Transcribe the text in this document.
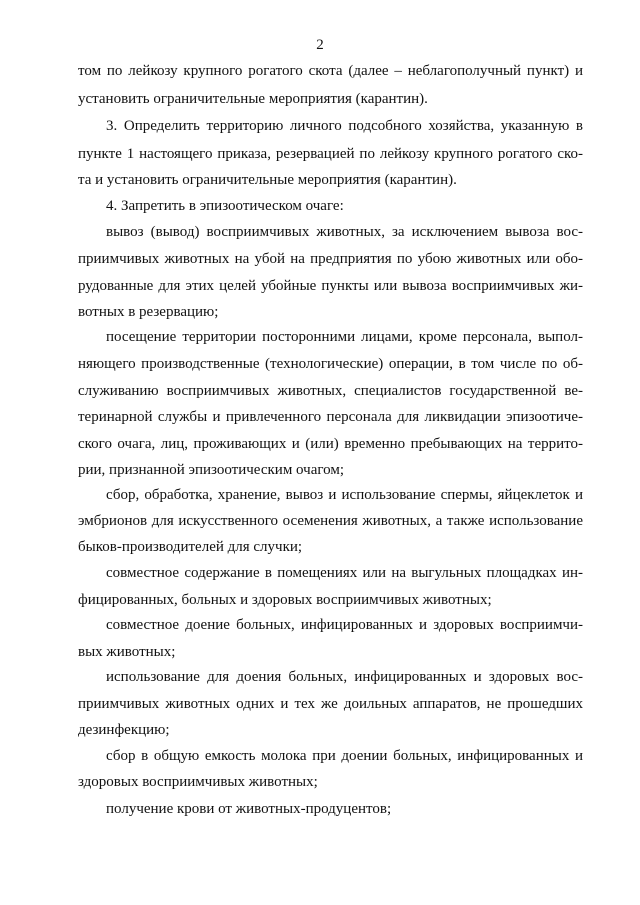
2
том по лейкозу крупного рогатого скота (далее – неблагополучный пункт) и
установить ограничительные мероприятия (карантин).
3. Определить территорию личного подсобного хозяйства, указанную в
пункте 1 настоящего приказа, резервацией по лейкозу крупного рогатого ско-
та и установить ограничительные мероприятия (карантин).
4. Запретить в эпизоотическом очаге:
вывоз (вывод) восприимчивых животных, за исключением вывоза вос-
приимчивых животных на убой на предприятия по убою животных или обо-
рудованные для этих целей убойные пункты или вывоза восприимчивых жи-
вотных в резервацию;
посещение территории посторонними лицами, кроме персонала, выпол-
няющего производственные (технологические) операции, в том числе по об-
служиванию восприимчивых животных, специалистов государственной ве-
теринарной службы и привлеченного персонала для ликвидации эпизоотиче-
ского очага, лиц, проживающих и (или) временно пребывающих на террито-
рии, признанной эпизоотическим очагом;
сбор, обработка, хранение, вывоз и использование спермы, яйцеклеток и
эмбрионов для искусственного осеменения животных, а также использование
быков-производителей для случки;
совместное содержание в помещениях или на выгульных площадках ин-
фицированных, больных и здоровых восприимчивых животных;
совместное доение больных, инфицированных и здоровых восприимчи-
вых животных;
использование для доения больных, инфицированных и здоровых вос-
приимчивых животных одних и тех же доильных аппаратов, не прошедших
дезинфекцию;
сбор в общую емкость молока при доении больных, инфицированных и
здоровых восприимчивых животных;
получение крови от животных-продуцентов;
